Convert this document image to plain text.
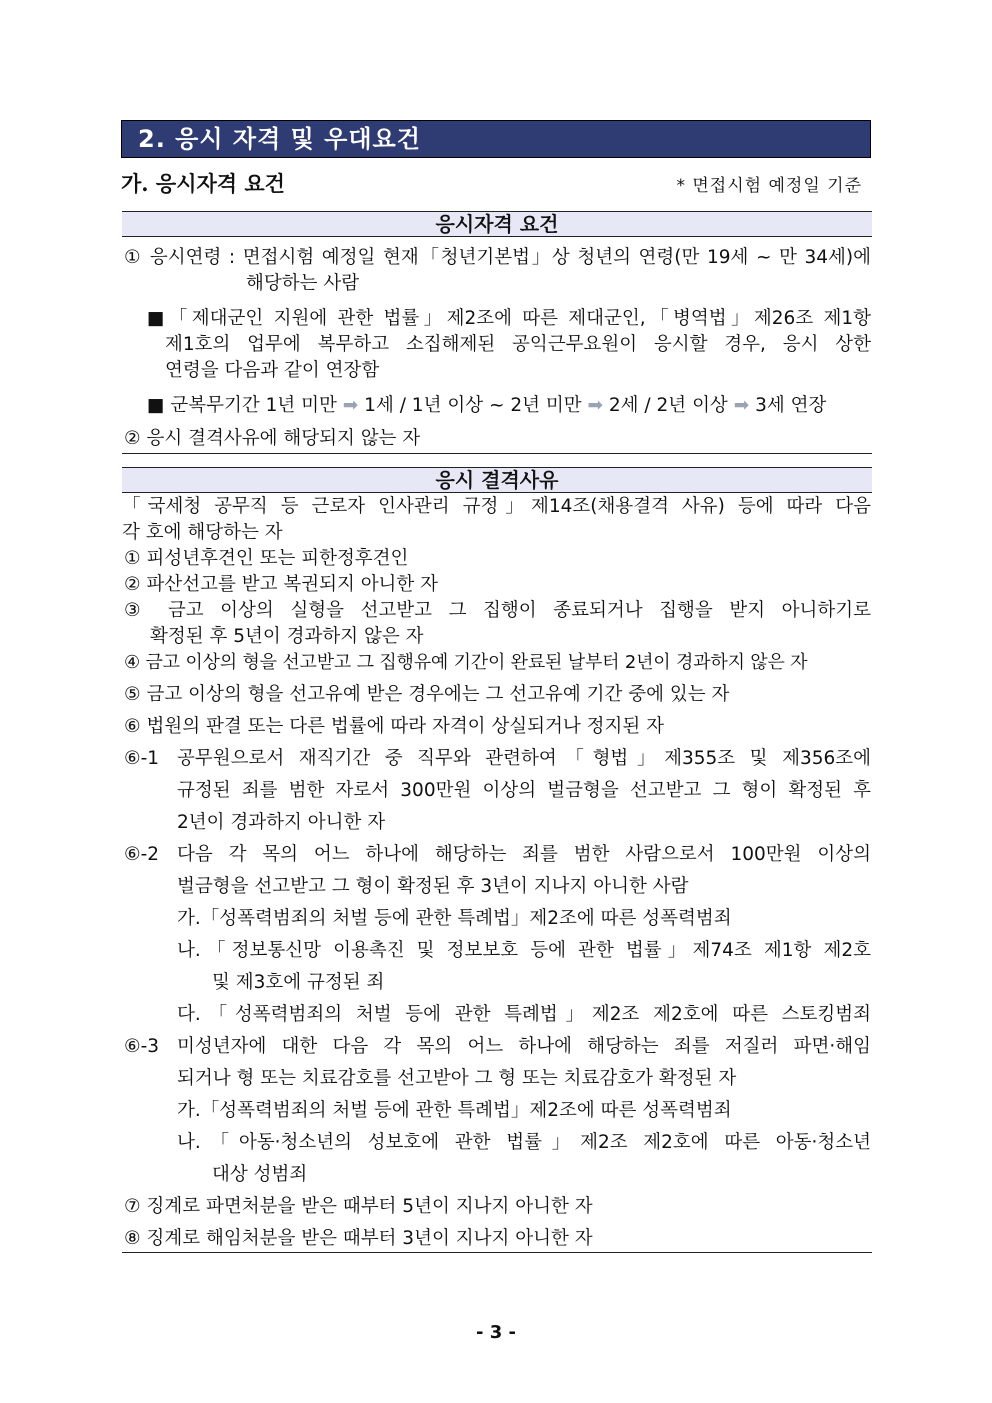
2. 응시 자격 및 우대요건
가. 응시자격 요건	* 면접시험 예정일 기준
응시자격 요건
① 응시연령 : 면접시험 예정일 현재「청년기본법」상 청년의 연령(만 19세 ~ 만 34세)에
해당하는 사람
■「제대군인 지원에 관한 법률」제2조에 따른 제대군인,「병역법」제26조 제1항
제1호의 업무에 복무하고 소집해제된 공익근무요원이 응시할 경우, 응시 상한
연령을 다음과 같이 연장함
■ 군복무기간 1년 미만 ➡ 1세 / 1년 이상 ~ 2년 미만 ➡ 2세 / 2년 이상 ➡ 3세 연장
② 응시 결격사유에 해당되지 않는 자
응시 결격사유
「국세청 공무직 등 근로자 인사관리 규정」제14조(채용결격 사유) 등에 따라 다음
각 호에 해당하는 자
① 피성년후견인 또는 피한정후견인
② 파산선고를 받고 복권되지 아니한 자
③ 금고 이상의 실형을 선고받고 그 집행이 종료되거나 집행을 받지 아니하기로
확정된 후 5년이 경과하지 않은 자
④ 금고 이상의 형을 선고받고 그 집행유예 기간이 완료된 날부터 2년이 경과하지 않은 자
⑤ 금고 이상의 형을 선고유예 받은 경우에는 그 선고유예 기간 중에 있는 자
⑥ 법원의 판결 또는 다른 법률에 따라 자격이 상실되거나 정지된 자
⑥-1 공무원으로서 재직기간 중 직무와 관련하여「형법」제355조 및 제356조에
규정된 죄를 범한 자로서 300만원 이상의 벌금형을 선고받고 그 형이 확정된 후
2년이 경과하지 아니한 자
⑥-2 다음 각 목의 어느 하나에 해당하는 죄를 범한 사람으로서 100만원 이상의
벌금형을 선고받고 그 형이 확정된 후 3년이 지나지 아니한 사람
가.「성폭력범죄의 처벌 등에 관한 특례법」제2조에 따른 성폭력범죄
나.「정보통신망 이용촉진 및 정보보호 등에 관한 법률」제74조 제1항 제2호
및 제3호에 규정된 죄
다.「성폭력범죄의 처벌 등에 관한 특례법」제2조 제2호에 따른 스토킹범죄
⑥-3 미성년자에 대한 다음 각 목의 어느 하나에 해당하는 죄를 저질러 파면·해임
되거나 형 또는 치료감호를 선고받아 그 형 또는 치료감호가 확정된 자
가.「성폭력범죄의 처벌 등에 관한 특례법」제2조에 따른 성폭력범죄
나.「아동·청소년의 성보호에 관한 법률」제2조 제2호에 따른 아동·청소년
대상 성범죄
⑦ 징계로 파면처분을 받은 때부터 5년이 지나지 아니한 자
⑧ 징계로 해임처분을 받은 때부터 3년이 지나지 아니한 자
- 3 -
